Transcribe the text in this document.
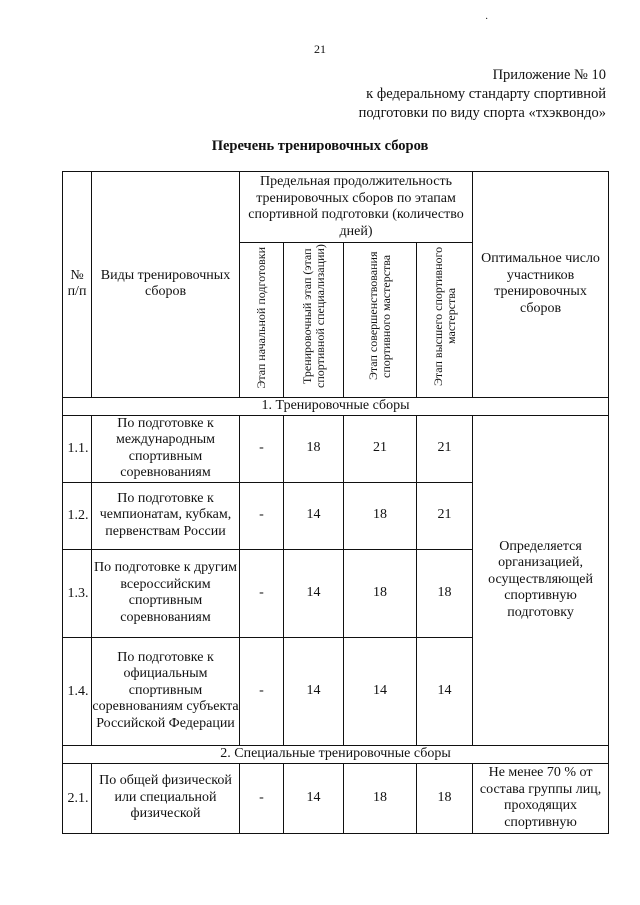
·
21
Приложение № 10
к федеральному стандарту спортивной
подготовки по виду спорта «тхэквондо»
Перечень тренировочных сборов
№ п/п	Виды тренировочных сборов	Предельная продолжительность тренировочных сборов по этапам спортивной подготовки (количество дней)				Оптимальное число участников тренировочных сборов
		Этап начальной подготовки	Тренировочный этап (этап спортивной специализации)	Этап совершенствования спортивного мастерства	Этап высшего спортивного мастерства	
1. Тренировочные сборы						
1.1.	По подготовке к международным спортивным соревнованиям	-	18	21	21	Определяется организацией, осуществляющей спортивную подготовку
1.2.	По подготовке к чемпионатам, кубкам, первенствам России	-	14	18	21	
1.3.	По подготовке к другим всероссийским спортивным соревнованиям	-	14	18	18	
1.4.	По подготовке к официальным спортивным соревнованиям субъекта Российской Федерации	-	14	14	14	
2. Специальные тренировочные сборы						
2.1.	По общей физической или специальной физической	-	14	18	18	Не менее 70 % от состава группы лиц, проходящих спортивную
